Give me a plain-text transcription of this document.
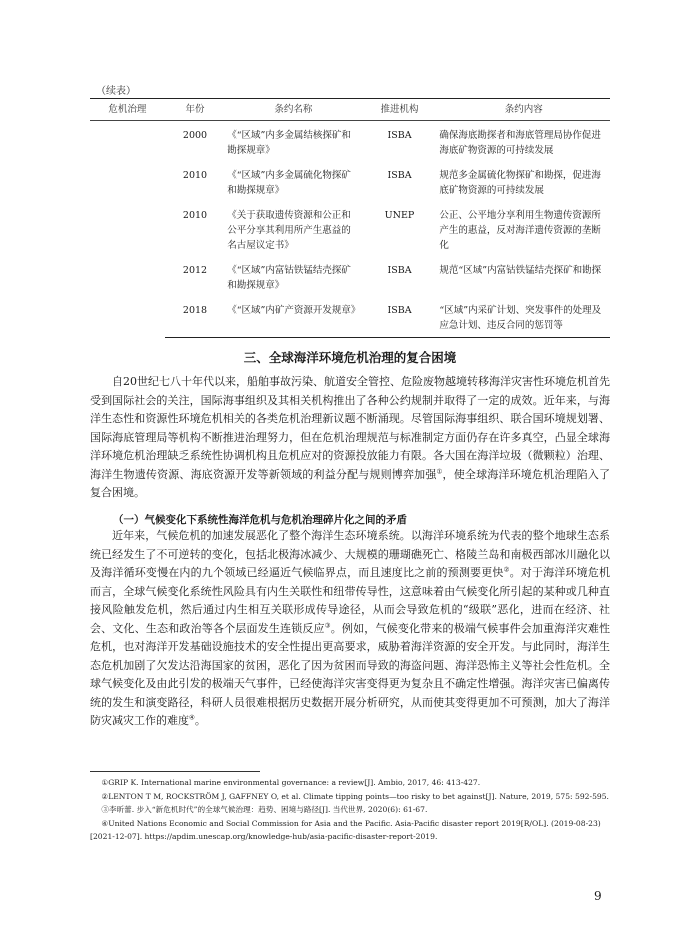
（续表）
危机治理	年份	条约名称	推进机构	条约内容
	2000	《“区域”内多金属结核探矿和勘探规章》	ISBA	确保海底勘探者和海底管理局协作促进海底矿物资源的可持续发展
	2010	《“区域”内多金属硫化物探矿和勘探规章》	ISBA	规范多金属硫化物探矿和勘探，促进海底矿物资源的可持续发展
	2010	《关于获取遗传资源和公正和公平分享其利用所产生惠益的名古屋议定书》	UNEP	公正、公平地分享利用生物遗传资源所产生的惠益，反对海洋遗传资源的垄断化
	2012	《“区域”内富钴铁锰结壳探矿和勘探规章》	ISBA	规范“区域”内富钴铁锰结壳探矿和勘探
	2018	《“区域”内矿产资源开发规章》	ISBA	“区域”内采矿计划、突发事件的处理及应急计划、违反合同的惩罚等
三、全球海洋环境危机治理的复合困境

自20世纪七八十年代以来，船舶事故污染、航道安全管控、危险废物越境转移海洋灾害性环境危机首先受到国际社会的关注，国际海事组织及其相关机构推出了各种公约规制并取得了一定的成效。近年来，与海洋生态性和资源性环境危机相关的各类危机治理新议题不断涌现。尽管国际海事组织、联合国环境规划署、国际海底管理局等机构不断推进治理努力，但在危机治理规范与标准制定方面仍存在许多真空，凸显全球海洋环境危机治理缺乏系统性协调机构且危机应对的资源投放能力有限。各大国在海洋垃圾（微颗粒）治理、海洋生物遗传资源、海底资源开发等新领域的利益分配与规则博弈加强①，使全球海洋环境危机治理陷入了复合困境。

（一）气候变化下系统性海洋危机与危机治理碎片化之间的矛盾

近年来，气候危机的加速发展恶化了整个海洋生态环境系统。以海洋环境系统为代表的整个地球生态系统已经发生了不可逆转的变化，包括北极海冰减少、大规模的珊瑚礁死亡、格陵兰岛和南极西部冰川融化以及海洋循环变慢在内的九个领域已经逼近气候临界点，而且速度比之前的预测要更快②。对于海洋环境危机而言，全球气候变化系统性风险具有内生关联性和纽带传导性，这意味着由气候变化所引起的某种或几种直接风险触发危机，然后通过内生相互关联形成传导途径，从而会导致危机的“级联”恶化，进而在经济、社会、文化、生态和政治等各个层面发生连锁反应③。例如，气候变化带来的极端气候事件会加重海洋灾难性危机，也对海洋开发基础设施技术的安全性提出更高要求，威胁着海洋资源的安全开发。与此同时，海洋生态危机加剧了欠发达沿海国家的贫困，恶化了因为贫困而导致的海盗问题、海洋恐怖主义等社会性危机。全球气候变化及由此引发的极端天气事件，已经使海洋灾害变得更为复杂且不确定性增强。海洋灾害已偏离传统的发生和演变路径，科研人员很难根据历史数据开展分析研究，从而使其变得更加不可预测，加大了海洋防灾减灾工作的难度④。

①GRIP K. International marine environmental governance: a review[J]. Ambio, 2017, 46: 413-427.
②LENTON T M, ROCKSTRÖM J, GAFFNEY O, et al. Climate tipping points—too risky to bet against[J]. Nature, 2019, 575: 592-595.
③李昕蕾. 步入“新危机时代”的全球气候治理：趋势、困境与路径[J]. 当代世界, 2020(6): 61-67.
④United Nations Economic and Social Commission for Asia and the Pacific. Asia-Pacific disaster report 2019[R/OL]. (2019-08-23)[2021-12-07]. https://apdim.unescap.org/knowledge-hub/asia-pacific-disaster-report-2019.
9
